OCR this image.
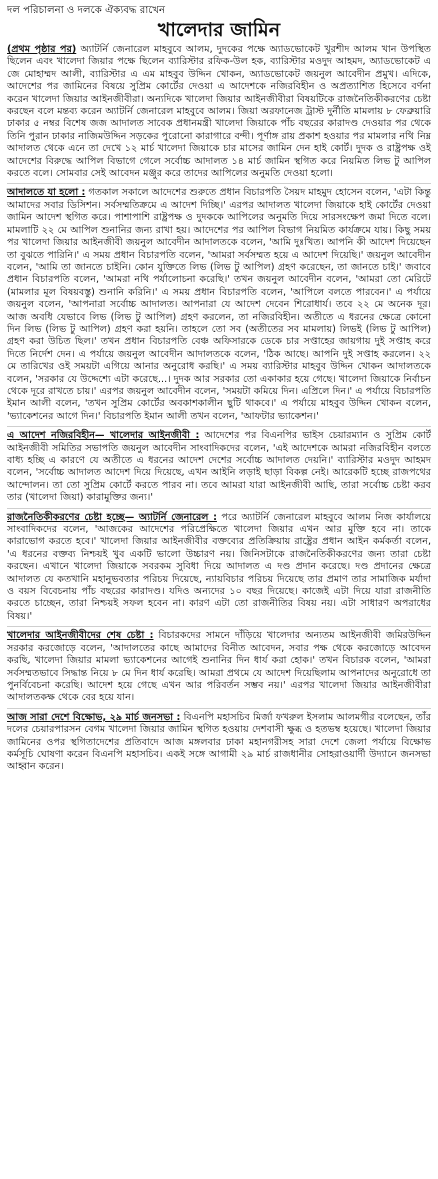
দল পরিচালনা ও দলকে ঐক্যবদ্ধ রাখেন
খালেদার জামিন

(প্রথম পৃষ্ঠার পর) অ্যাটর্নি জেনারেল মাহবুবে আলম, দুদকের পক্ষে অ্যাডভোকেট খুরশীদ আলম খান উপস্থিত ছিলেন এবং খালেদা জিয়ার পক্ষে ছিলেন ব্যারিস্টার রফিক-উল হক, ব্যারিস্টার মওদুদ আহমদ, অ্যাডভোকেট এ জে মোহাম্মদ আলী, ব্যারিস্টার এ এম মাহবুব উদ্দিন খোকন, অ্যাডভোকেট জয়নুল আবেদীন প্রমুখ। এদিকে, আদেশের পর জামিনের বিষয়ে সুপ্রিম কোর্টের দেওয়া এ আদেশকে নজিরবিহীন ও অপ্রত্যাশিত হিসেবে বর্ণনা করেন খালেদা জিয়ার আইনজীবীরা। অন্যদিকে খালেদা জিয়ার আইনজীবীরা বিষয়টিকে রাজনৈতিকীকরণের চেষ্টা করছেন বলে মন্তব্য করেন অ্যাটর্নি জেনারেল মাহবুবে আলম। জিয়া অরফানেজ ট্রাস্ট দুর্নীতি মামলায় ৮ ফেব্রুয়ারি ঢাকার ৫ নম্বর বিশেষ জজ আদালত সাবেক প্রধানমন্ত্রী খালেদা জিয়াকে পাঁচ বছরের কারাদণ্ড দেওয়ার পর থেকে তিনি পুরান ঢাকার নাজিমউদ্দিন সড়কের পুরোনো কারাগারে বন্দী। পূর্ণাঙ্গ রায় প্রকাশ হওয়ার পর মামলার নথি নিম্ন আদালত থেকে এনে তা দেখে ১২ মার্চ খালেদা জিয়াকে চার মাসের জামিন দেন হাই কোর্ট। দুদক ও রাষ্ট্রপক্ষ ওই আদেশের বিরুদ্ধে আপিল বিভাগে গেলে সর্বোচ্চ আদালত ১৪ মার্চ জামিন স্থগিত করে নিয়মিত লিভ টু আপিল করতে বলে। সোমবার সেই আবেদন মঞ্জুর করে তাদের আপিলের অনুমতি দেওয়া হলো।

আদালতে যা হলো : গতকাল সকালে আদেশের শুরুতে প্রধান বিচারপতি সৈয়দ মাহমুদ হোসেন বলেন, 'এটা কিন্তু আমাদের সবার ডিসিশন। সর্বসম্মতিক্রমে এ আদেশ দিচ্ছি।' এরপর আদালত খালেদা জিয়াকে হাই কোর্টের দেওয়া জামিন আদেশ স্থগিত করে। পাশাপাশি রাষ্ট্রপক্ষ ও দুদককে আপিলের অনুমতি দিয়ে সারসংক্ষেপ জমা দিতে বলে। মামলাটি ২২ মে আপিল শুনানির জন্য রাখা হয়। আদেশের পর আপিল বিভাগ নিয়মিত কার্যক্রমে যায়। কিছু সময় পর খালেদা জিয়ার আইনজীবী জয়নুল আবেদীন আদালতকে বলেন, 'আমি দুঃখিত। আপনি কী আদেশ দিয়েছেন তা বুঝতে পারিনি।' এ সময় প্রধান বিচারপতি বলেন, 'আমরা সর্বসম্মত হয়ে এ আদেশ দিয়েছি।' জয়নুল আবেদীন বলেন, 'আমি তা জানতে চাইনি। কোন যুক্তিতে লিভ (লিভ টু আপিল) গ্রহণ করেছেন, তা জানতে চাই।' জবাবে প্রধান বিচারপতি বলেন, 'আমরা নথি পর্যালোচনা করেছি।' তখন জয়নুল আবেদীন বলেন, 'আমরা তো মেরিটে (মামলার মূল বিষয়বস্তু) শুনানি করিনি।' এ সময় প্রধান বিচারপতি বলেন, 'আপিলে বলতে পারবেন।' এ পর্যায়ে জয়নুল বলেন, 'আপনারা সর্বোচ্চ আদালত। আপনারা যে আদেশ দেবেন শিরোধার্য। তবে ২২ মে অনেক দূর। আজ অবধি যেভাবে লিভ (লিভ টু আপিল) গ্রহণ করলেন, তা নজিরবিহীন। অতীতে এ ধরনের ক্ষেত্রে কোনো দিন লিভ (লিভ টু আপিল) গ্রহণ করা হয়নি। তাহলে তো সব (অতীতের সব মামলায়) লিভই (লিভ টু আপিল) গ্রহণ করা উচিত ছিল।' তখন প্রধান বিচারপতি বেঞ্চ অফিসারকে ডেকে চার সপ্তাহের জায়গায় দুই সপ্তাহ করে দিতে নির্দেশ দেন। এ পর্যায়ে জয়নুল আবেদীন আদালতকে বলেন, 'ঠিক আছে। আপনি দুই সপ্তাহ করলেন। ২২ মে তারিখের ওই সময়টা এগিয়ে আনার অনুরোধ করছি।' এ সময় ব্যারিস্টার মাহবুব উদ্দিন খোকন আদালতকে বলেন, 'সরকার যে উদ্দেশ্যে এটা করেছে...। দুদক আর সরকার তো একাকার হয়ে গেছে। খালেদা জিয়াকে নির্বাচন থেকে দূরে রাখতে চায়।' এরপর জয়নুল আবেদীন বলেন, 'সময়টা কমিয়ে দিন। এপ্রিলে দিন।' এ পর্যায়ে বিচারপতি ইমান আলী বলেন, 'তখন সুপ্রিম কোর্টের অবকাশকালীন ছুটি থাকবে।' এ পর্যায়ে মাহবুব উদ্দিন খোকন বলেন, 'ভ্যাকেশনের আগে দিন।' বিচারপতি ইমান আলী তখন বলেন, 'আফটার ভ্যাকেশন।'

এ আদেশ নজিরবিহীন— খালেদার আইনজীবী : আদেশের পর বিএনপির ভাইস চেয়ারম্যান ও সুপ্রিম কোর্ট আইনজীবী সমিতির সভাপতি জয়নুল আবেদীন সাংবাদিকদের বলেন, 'এই আদেশকে আমরা নজিরবিহীন বলতে বাধ্য হচ্ছি এ কারণে যে অতীতে এ ধরনের আদেশ দেশের সর্বোচ্চ আদালত দেয়নি।' ব্যারিস্টার মওদুদ আহমদ বলেন, 'সর্বোচ্চ আদালত আদেশ দিয়ে দিয়েছে, এখন আইনি লড়াই ছাড়া বিকল্প নেই। আরেকটি হচ্ছে রাজপথের আন্দোলন। তা তো সুপ্রিম কোর্টে করতে পারব না। তবে আমরা যারা আইনজীবী আছি, তারা সর্বোচ্চ চেষ্টা করব তার (খালেদা জিয়া) কারামুক্তির জন্য।'

রাজনৈতিকীকরণের চেষ্টা হচ্ছে— অ্যাটর্নি জেনারেল : পরে অ্যাটর্নি জেনারেল মাহবুবে আলম নিজ কার্যালয়ে সাংবাদিকদের বলেন, 'আজকের আদেশের পরিপ্রেক্ষিতে খালেদা জিয়ার এখন আর মুক্তি হবে না। তাকে কারাভোগ করতে হবে।' খালেদা জিয়ার আইনজীবীর বক্তব্যের প্রতিক্রিয়ায় রাষ্ট্রের প্রধান আইন কর্মকর্তা বলেন, 'এ ধরনের বক্তব্য নিশ্চয়ই খুব একটি ভালো উচ্চারণ নয়। জিনিসটাকে রাজনৈতিকীকরণের জন্য তারা চেষ্টা করছেন। এখানে খালেদা জিয়াকে সবরকম সুবিধা দিয়ে আদালত এ দণ্ড প্রদান করেছে। দণ্ড প্রদানের ক্ষেত্রে আদালত যে কতখানি মহানুভবতার পরিচয় দিয়েছে, ন্যায়বিচার পরিচয় দিয়েছে তার প্রমাণ তার সামাজিক মর্যাদা ও বয়স বিবেচনায় পাঁচ বছরের কারাদণ্ড। যদিও অন্যদের ১০ বছর দিয়েছে। কাজেই এটা দিয়ে যারা রাজনীতি করতে চাচ্ছেন, তারা নিশ্চয়ই সফল হবেন না। কারণ এটা তো রাজনীতির বিষয় নয়। এটা সাধারণ অপরাধের বিষয়।'

খালেদার আইনজীবীদের শেষ চেষ্টা : বিচারকদের সামনে দাঁড়িয়ে খালেদার অন্যতম আইনজীবী জমিরউদ্দিন সরকার করজোড়ে বলেন, 'আদালতের কাছে আমাদের বিনীত আবেদন, সবার পক্ষ থেকে করজোড়ে আবেদন করছি, খালেদা জিয়ার মামলা ভ্যাকেশনের আগেই শুনানির দিন ধার্য করা হোক।' তখন বিচারক বলেন, 'আমরা সর্বসম্মতভাবে সিদ্ধান্ত নিয়ে ৮ মে দিন ধার্য করেছি। আমরা প্রথমে যে আদেশ দিয়েছিলাম আপনাদের অনুরোধে তা পুনর্বিবেচনা করেছি। আদেশ হয়ে গেছে এখন আর পরিবর্তন সম্ভব নয়।' এরপর খালেদা জিয়ার আইনজীবীরা আদালতকক্ষ থেকে বের হয়ে যান।

আজ সারা দেশে বিক্ষোভ, ২৯ মার্চ জনসভা : বিএনপি মহাসচিব মির্জা ফখরুল ইসলাম আলমগীর বলেছেন, তাঁর দলের চেয়ারপারসন বেগম খালেদা জিয়ার জামিন স্থগিত হওয়ায় দেশবাসী ক্ষুব্ধ ও হতভম্ব হয়েছে। খালেদা জিয়ার জামিনের ওপর স্থগিতাদেশের প্রতিবাদে আজ মঙ্গলবার ঢাকা মহানগরীসহ সারা দেশে জেলা পর্যায়ে বিক্ষোভ কর্মসূচি ঘোষণা করেন বিএনপি মহাসচিব। একই সঙ্গে আগামী ২৯ মার্চ রাজধানীর সোহরাওয়ার্দী উদ্যানে জনসভা আহ্বান করেন।
